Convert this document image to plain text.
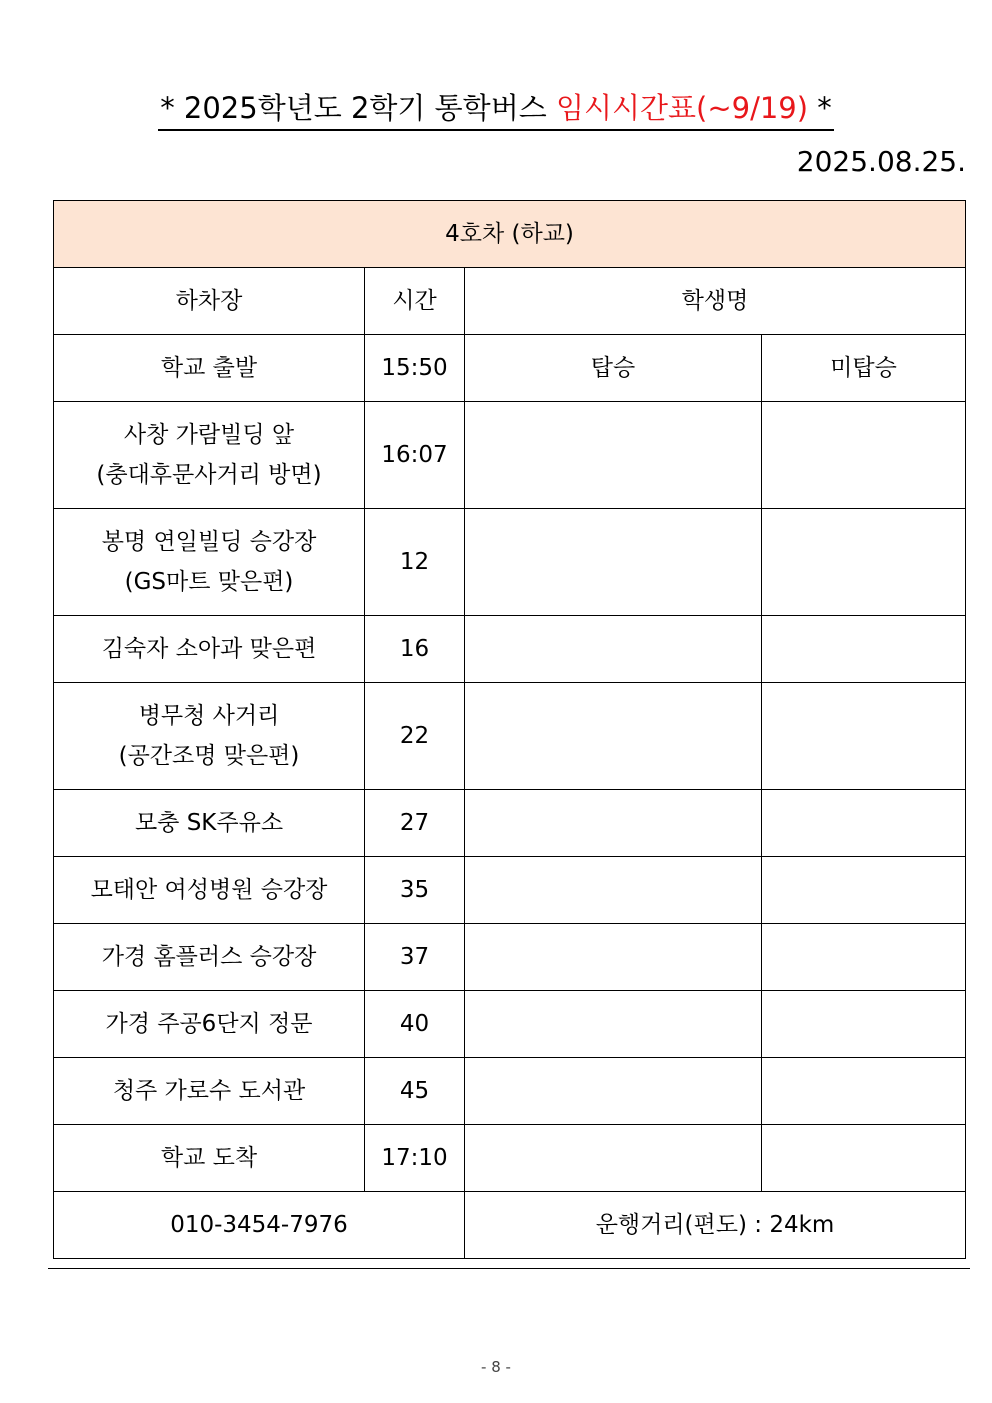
* 2025학년도 2학기 통학버스 임시시간표(~9/19) *
2025.08.25.
4호차 (하교)			
하차장	시간	학생명	
학교 출발	15:50	탑승	미탑승

사창 가람빌딩 앞
(충대후문사거리 방면)	16:07		

봉명 연일빌딩 승강장
(GS마트 맞은편)	12		
김숙자 소아과 맞은편	16		

병무청 사거리
(공간조명 맞은편)	22		
모충 SK주유소	27		
모태안 여성병원 승강장	35		
가경 홈플러스 승강장	37		
가경 주공6단지 정문	40		
청주 가로수 도서관	45		
학교 도착	17:10		
010-3454-7976		운행거리(편도) : 24km	
- 8 -
